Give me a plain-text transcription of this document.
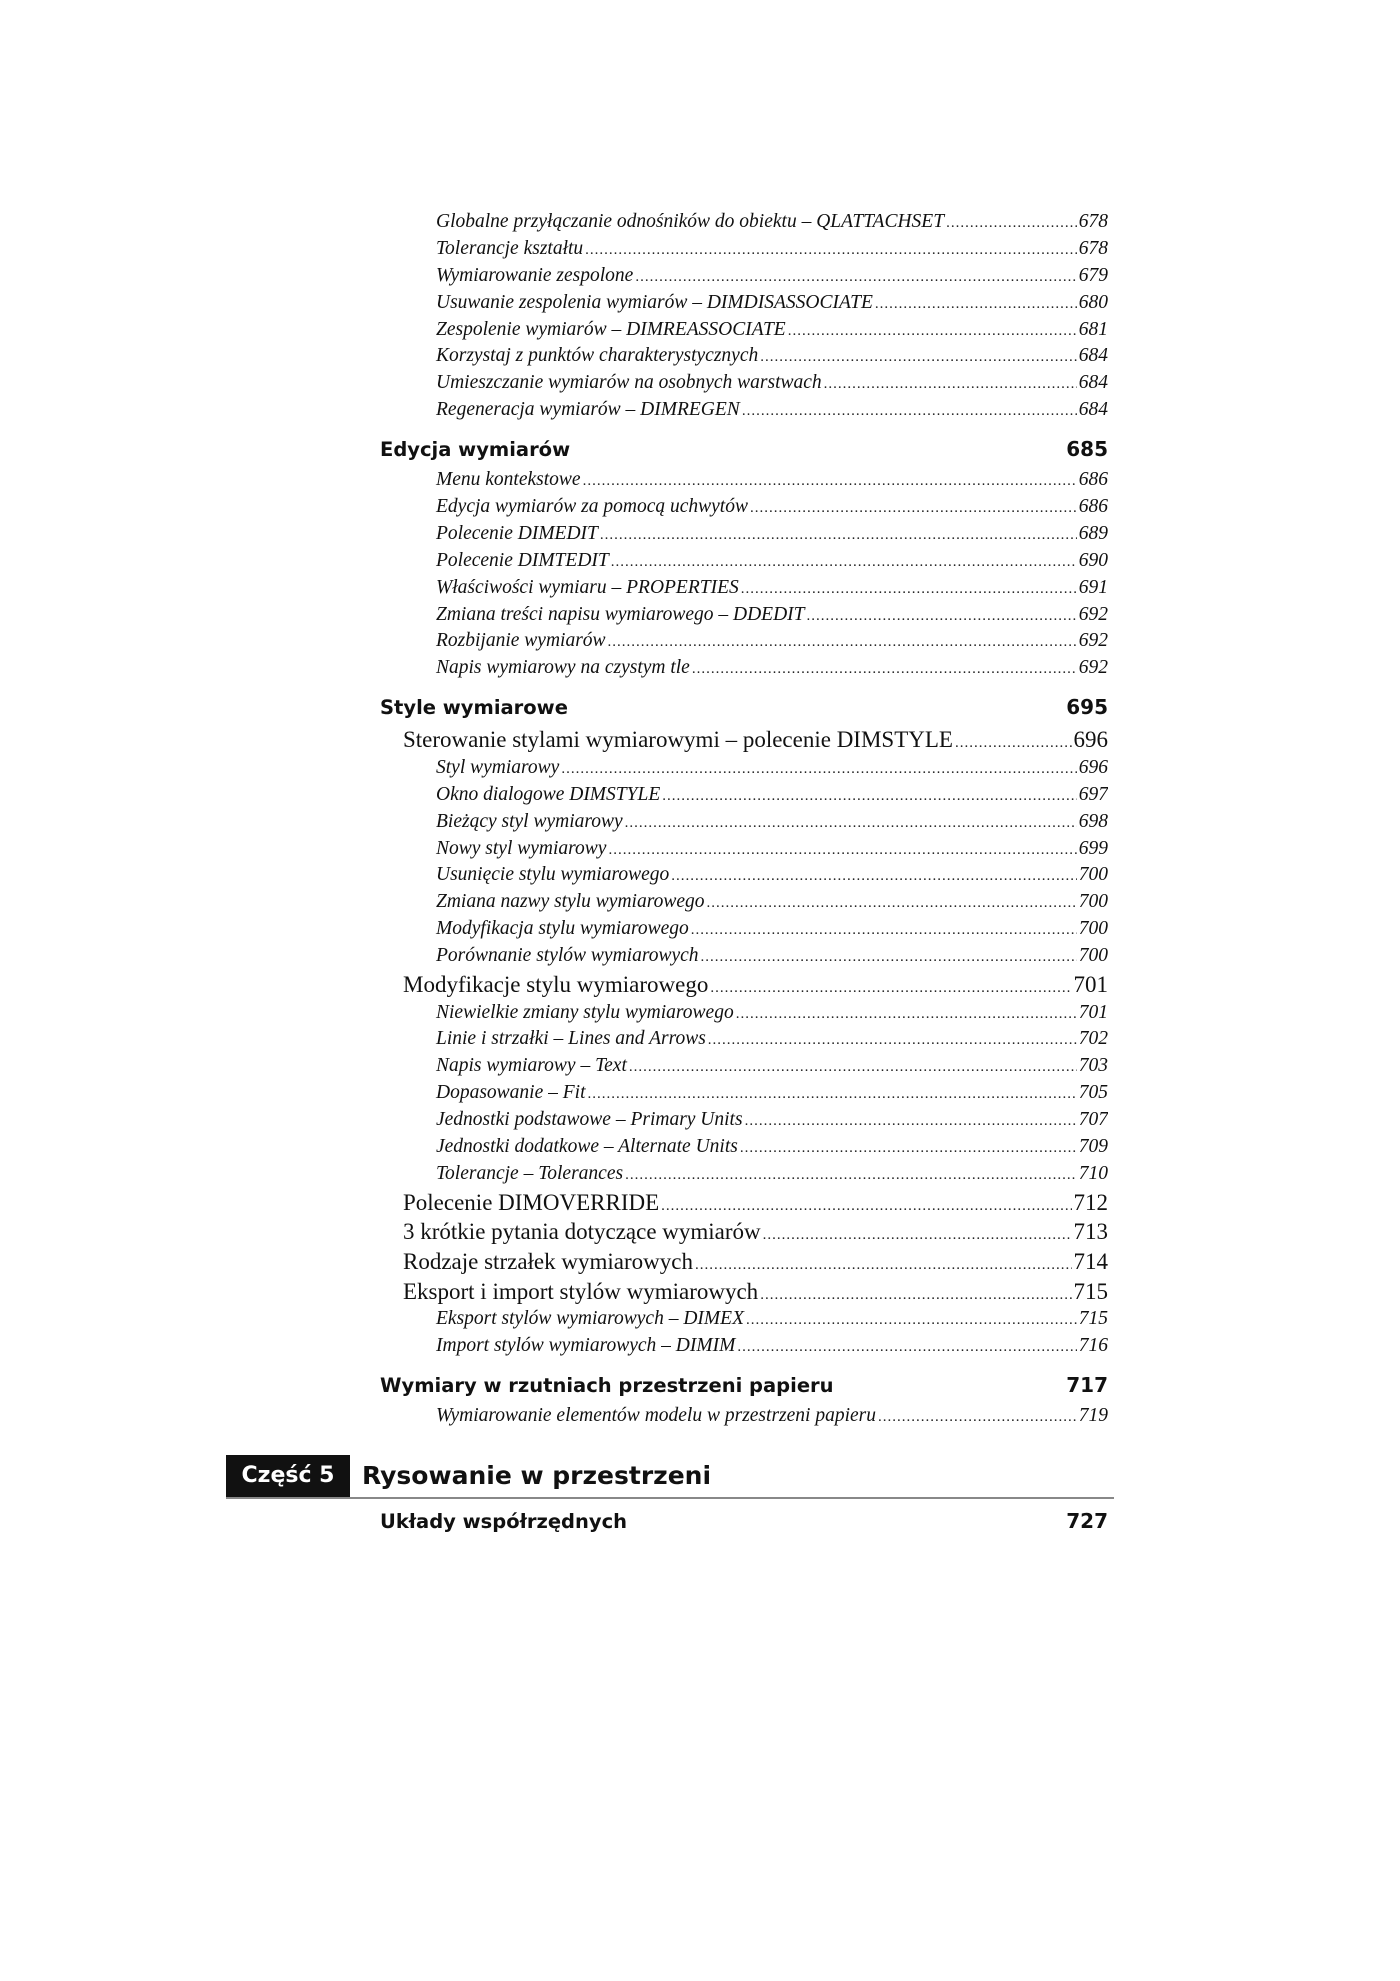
Globalne przyłączanie odnośników do obiektu – QLATTACHSET .....	678
Tolerancje kształtu .....	678
Wymiarowanie zespolone .....	679
Usuwanie zespolenia wymiarów – DIMDISASSOCIATE .....	680
Zespolenie wymiarów – DIMREASSOCIATE .....	681
Korzystaj z punktów charakterystycznych .....	684
Umieszczanie wymiarów na osobnych warstwach .....	684
Regeneracja wymiarów – DIMREGEN .....	684
Edycja wymiarów	685
Menu kontekstowe .....	686
Edycja wymiarów za pomocą uchwytów .....	686
Polecenie DIMEDIT .....	689
Polecenie DIMTEDIT .....	690
Właściwości wymiaru – PROPERTIES .....	691
Zmiana treści napisu wymiarowego – DDEDIT .....	692
Rozbijanie wymiarów .....	692
Napis wymiarowy na czystym tle .....	692
Style wymiarowe	695
Sterowanie stylami wymiarowymi – polecenie DIMSTYLE .....	696
Styl wymiarowy .....	696
Okno dialogowe DIMSTYLE .....	697
Bieżący styl wymiarowy .....	698
Nowy styl wymiarowy .....	699
Usunięcie stylu wymiarowego .....	700
Zmiana nazwy stylu wymiarowego .....	700
Modyfikacja stylu wymiarowego .....	700
Porównanie stylów wymiarowych .....	700
Modyfikacje stylu wymiarowego .....	701
Niewielkie zmiany stylu wymiarowego .....	701
Linie i strzałki – Lines and Arrows .....	702
Napis wymiarowy – Text .....	703
Dopasowanie – Fit .....	705
Jednostki podstawowe – Primary Units .....	707
Jednostki dodatkowe – Alternate Units .....	709
Tolerancje – Tolerances .....	710
Polecenie DIMOVERRIDE .....	712
3 krótkie pytania dotyczące wymiarów .....	713
Rodzaje strzałek wymiarowych .....	714
Eksport i import stylów wymiarowych .....	715
Eksport stylów wymiarowych – DIMEX .....	715
Import stylów wymiarowych – DIMIM .....	716
Wymiary w rzutniach przestrzeni papieru	717
Wymiarowanie elementów modelu w przestrzeni papieru .....	719
Część 5	Rysowanie w przestrzeni
Układy współrzędnych	727
